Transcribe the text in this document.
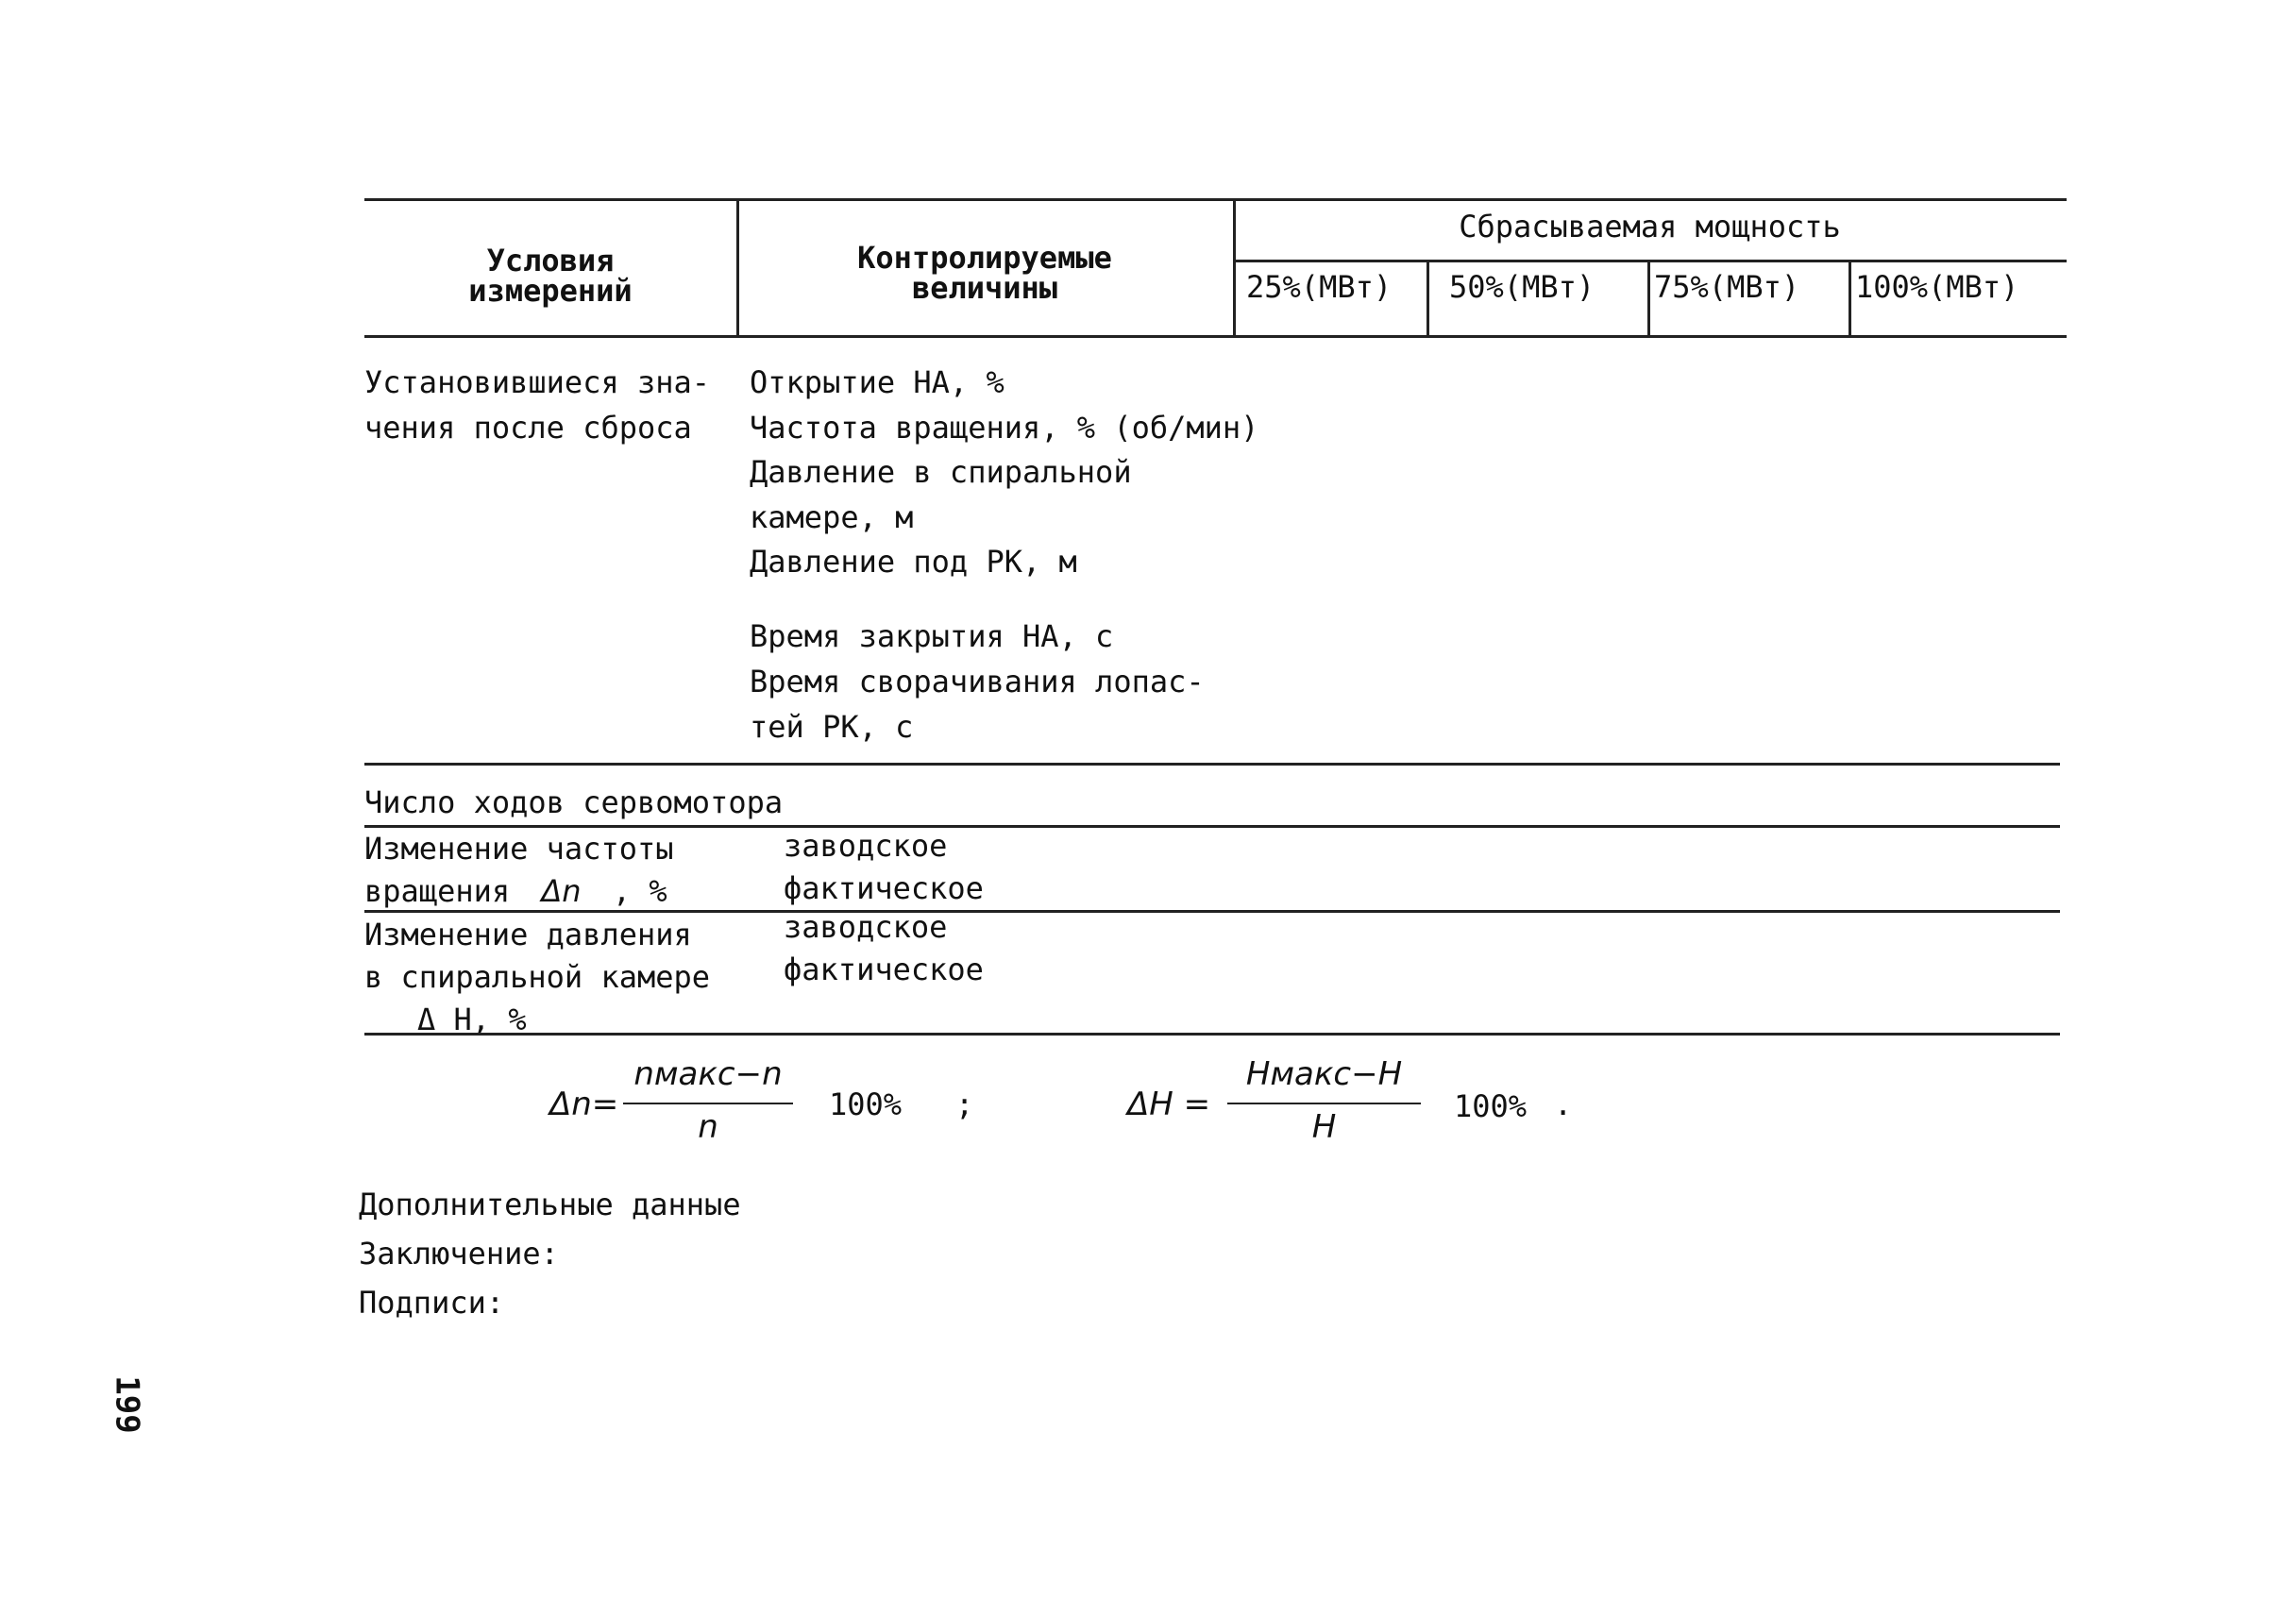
Условия
измерений
Контролируемые
величины
Сбрасываемая мощность
25%(МВт) 50%(МВт) 75%(МВт) 100%(МВт)
Установившиеся зна-
чения после сброса
Открытие НА, %
Частота вращения, % (об/мин)
Давление в спиральной
камере, м
Давление под РК, м
Время закрытия НА, с
Время сворачивания лопас-
тей РК, с
Число ходов сервомотора
Изменение частоты
вращения Δn , %
заводское
фактическое
Изменение давления
в спиральной камере
Δ Н, %
заводское
фактическое
Δn=
nмакс−n
n
100% ;	ΔH =
Hмакс−H
H
100% .
Дополнительные данные
Заключение:
Подписи:
199
